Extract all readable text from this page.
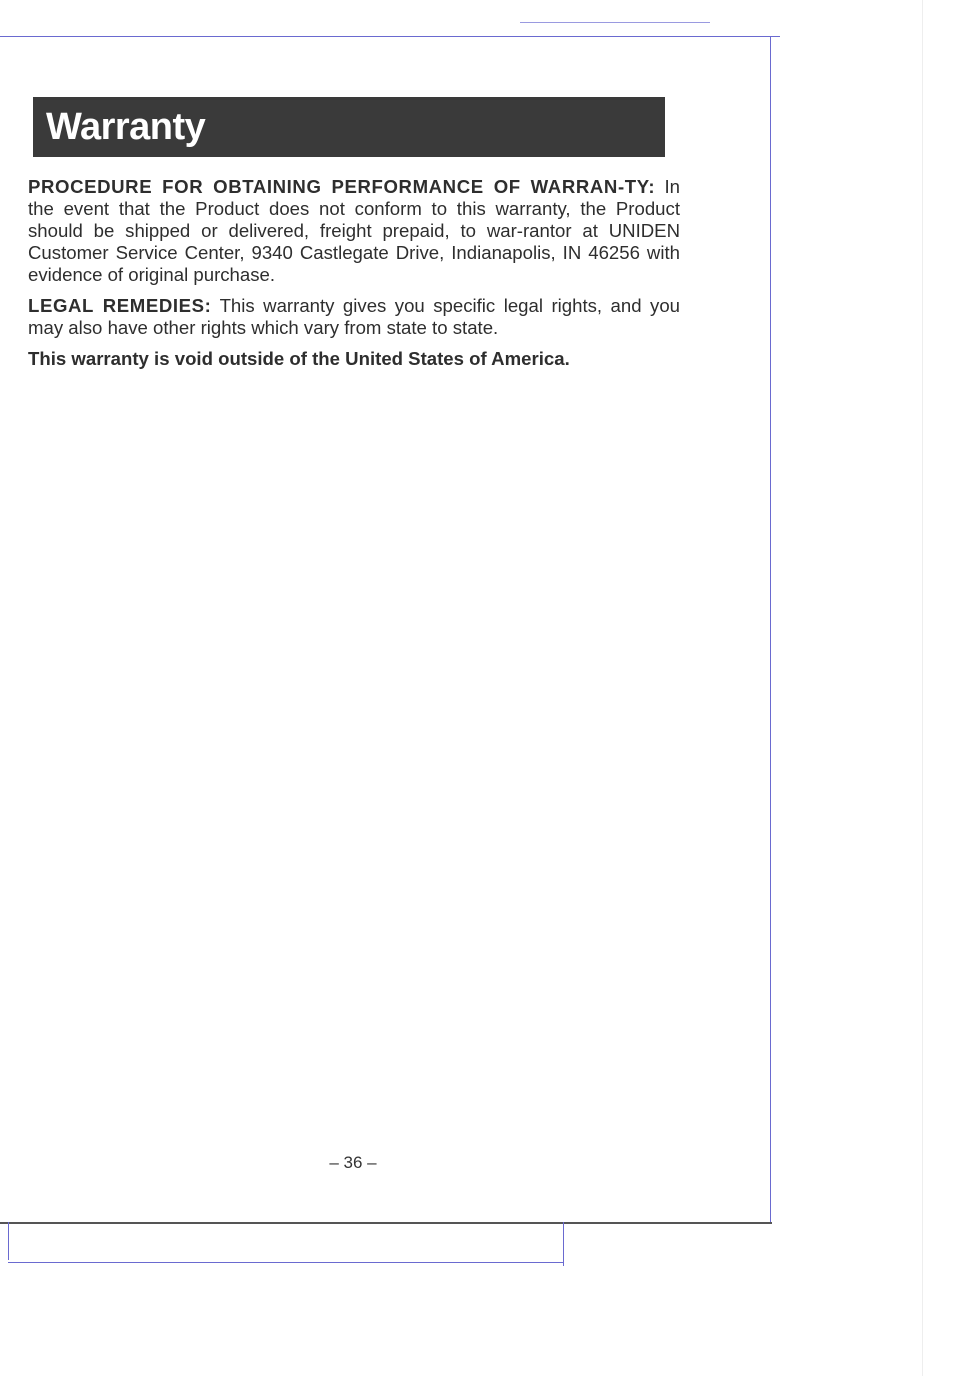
Warranty

PROCEDURE FOR OBTAINING PERFORMANCE OF WARRAN-TY: In the event that the Product does not conform to this warranty, the Product should be shipped or delivered, freight prepaid, to war-rantor at UNIDEN Customer Service Center, 9340 Castlegate Drive, Indianapolis, IN 46256 with evidence of original purchase.

LEGAL REMEDIES: This warranty gives you specific legal rights, and you may also have other rights which vary from state to state.

This warranty is void outside of the United States of America.

– 36 –
